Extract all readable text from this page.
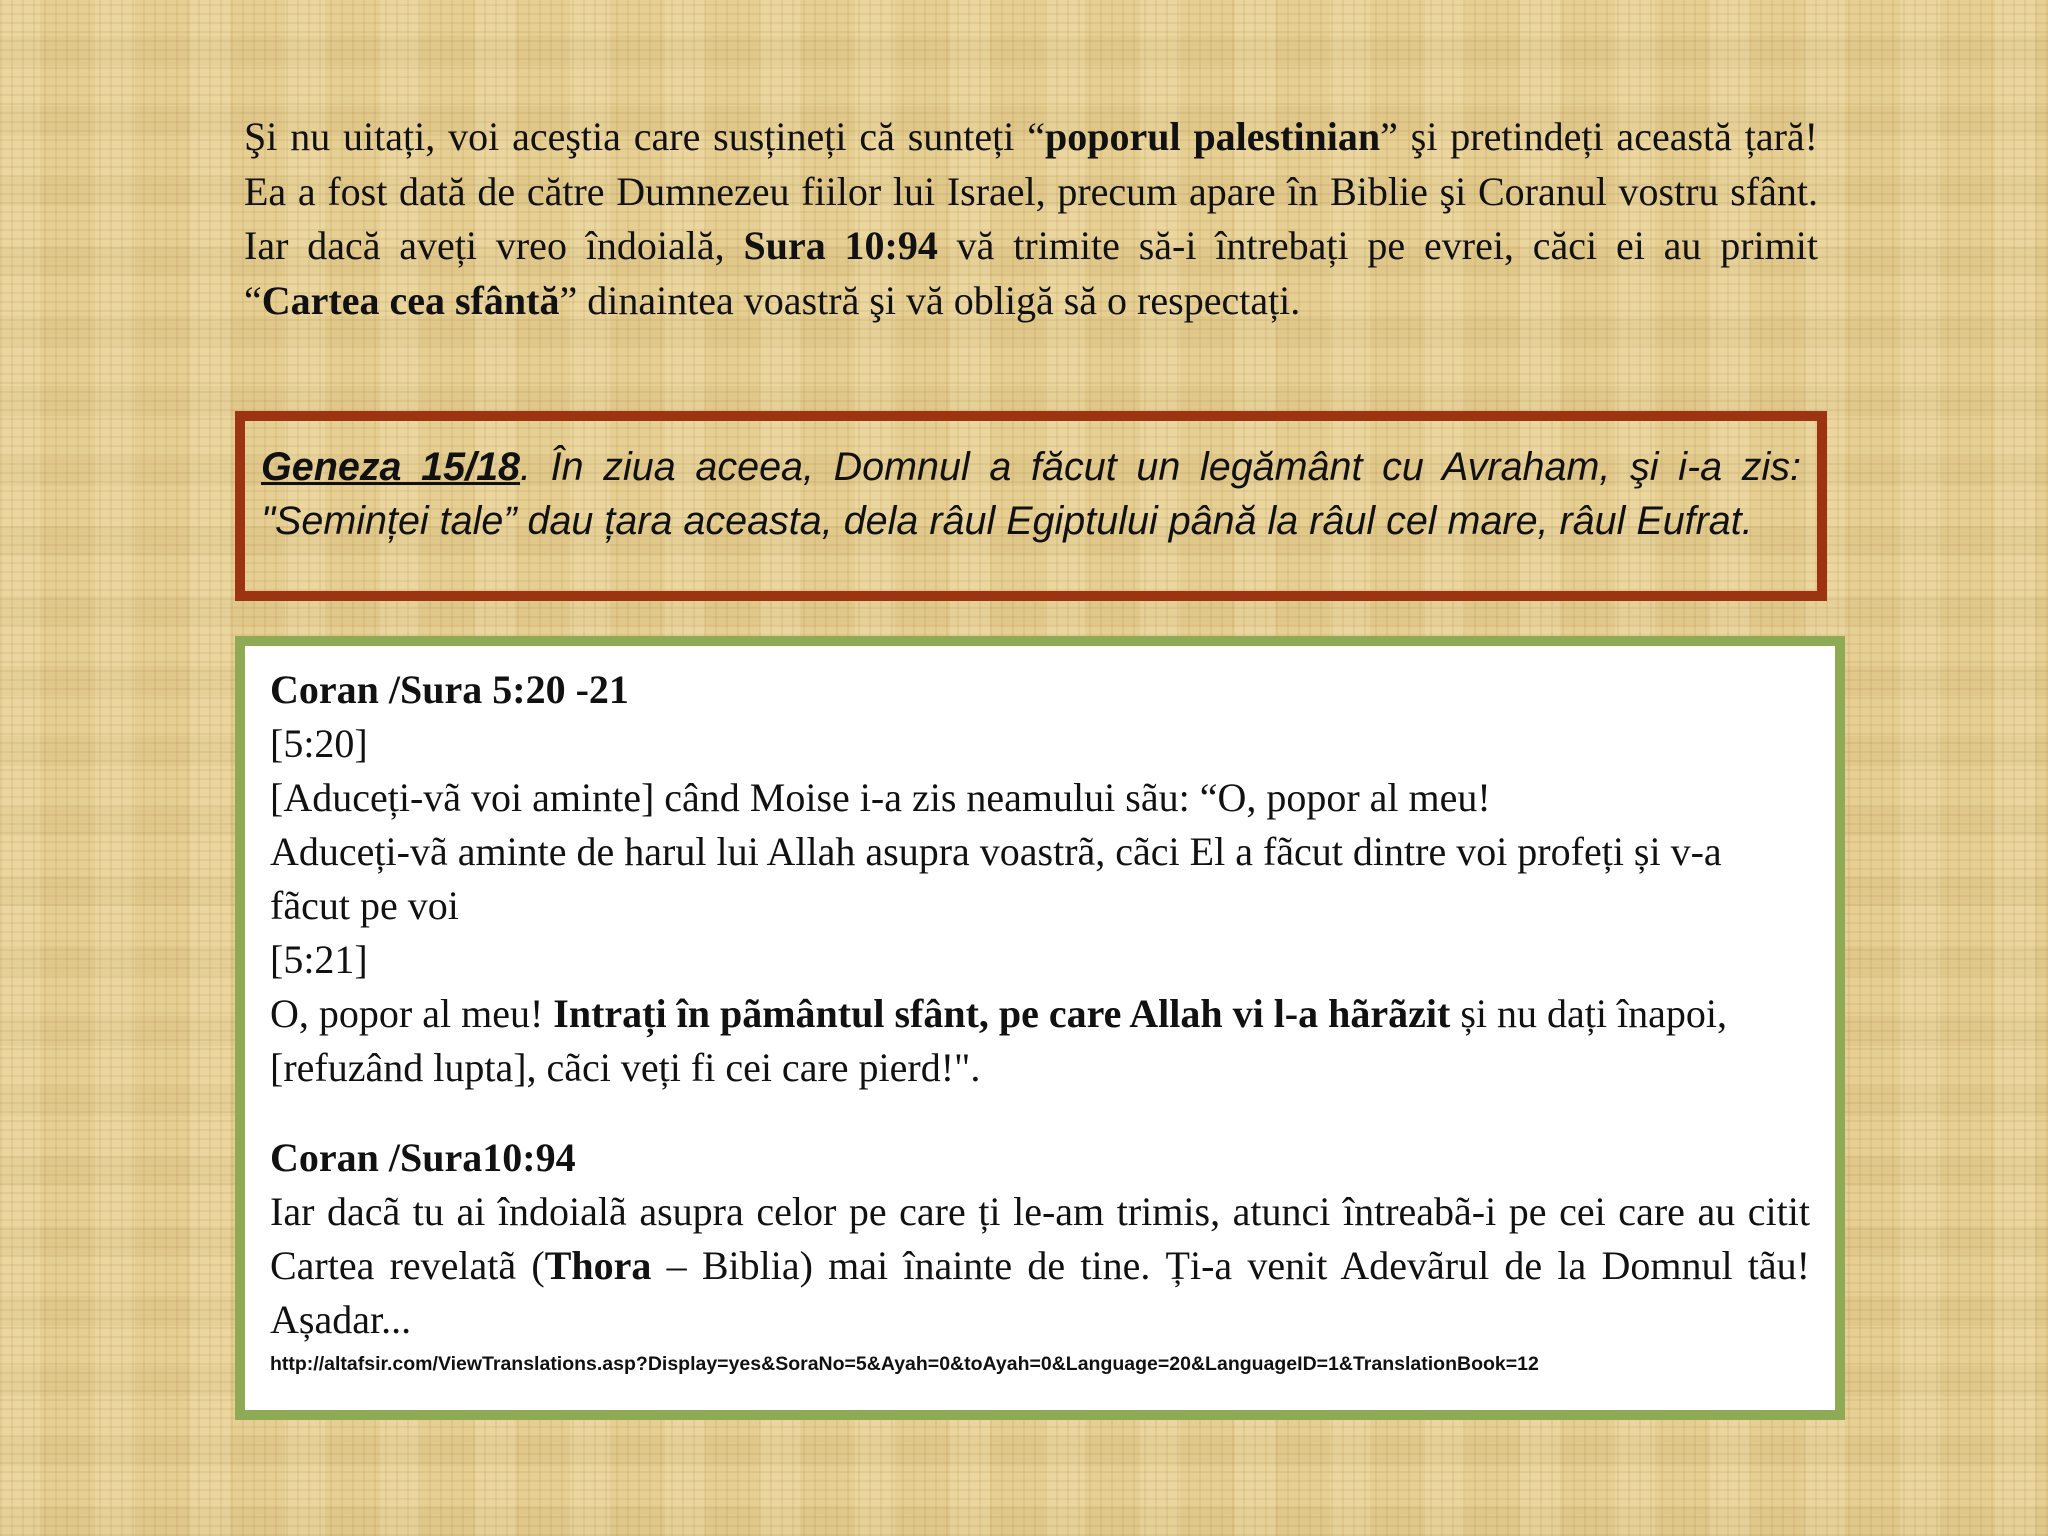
Şi nu uitați, voi aceştia care susțineți că sunteți “poporul palestinian” şi pretindeți această țară! Ea a fost dată de către Dumnezeu fiilor lui Israel, precum apare în Biblie şi Coranul vostru sfânt. Iar dacă aveți vreo îndoială, Sura 10:94 vă trimite să-i întrebați pe evrei, căci ei au primit “Cartea cea sfântă” dinaintea voastră şi vă obligă să o respectați.
Geneza 15/18. În ziua aceea, Domnul a făcut un legământ cu Avraham, şi i-a zis: "Seminței tale” dau țara aceasta, dela râul Egiptului până la râul cel mare, râul Eufrat.
Coran /Sura 5:20 -21
[5:20]
[Aduceți-vã voi aminte] când Moise i-a zis neamului sãu: “O, popor al meu!
Aduceți-vã aminte de harul lui Allah asupra voastrã, cãci El a fãcut dintre voi profeți și v-a fãcut pe voi
[5:21]
O, popor al meu! Intrați în pãmântul sfânt, pe care Allah vi l-a hãrãzit și nu dați înapoi, [refuzând lupta], cãci veți fi cei care pierd!".
Coran /Sura10:94
Iar dacã tu ai îndoialã asupra celor pe care ți le-am trimis, atunci întreabã-i pe cei care au citit Cartea revelatã (Thora – Biblia) mai înainte de tine. Ți-a venit Adevãrul de la Domnul tãu! Așadar...
http://altafsir.com/ViewTranslations.asp?Display=yes&SoraNo=5&Ayah=0&toAyah=0&Language=20&LanguageID=1&TranslationBook=12
